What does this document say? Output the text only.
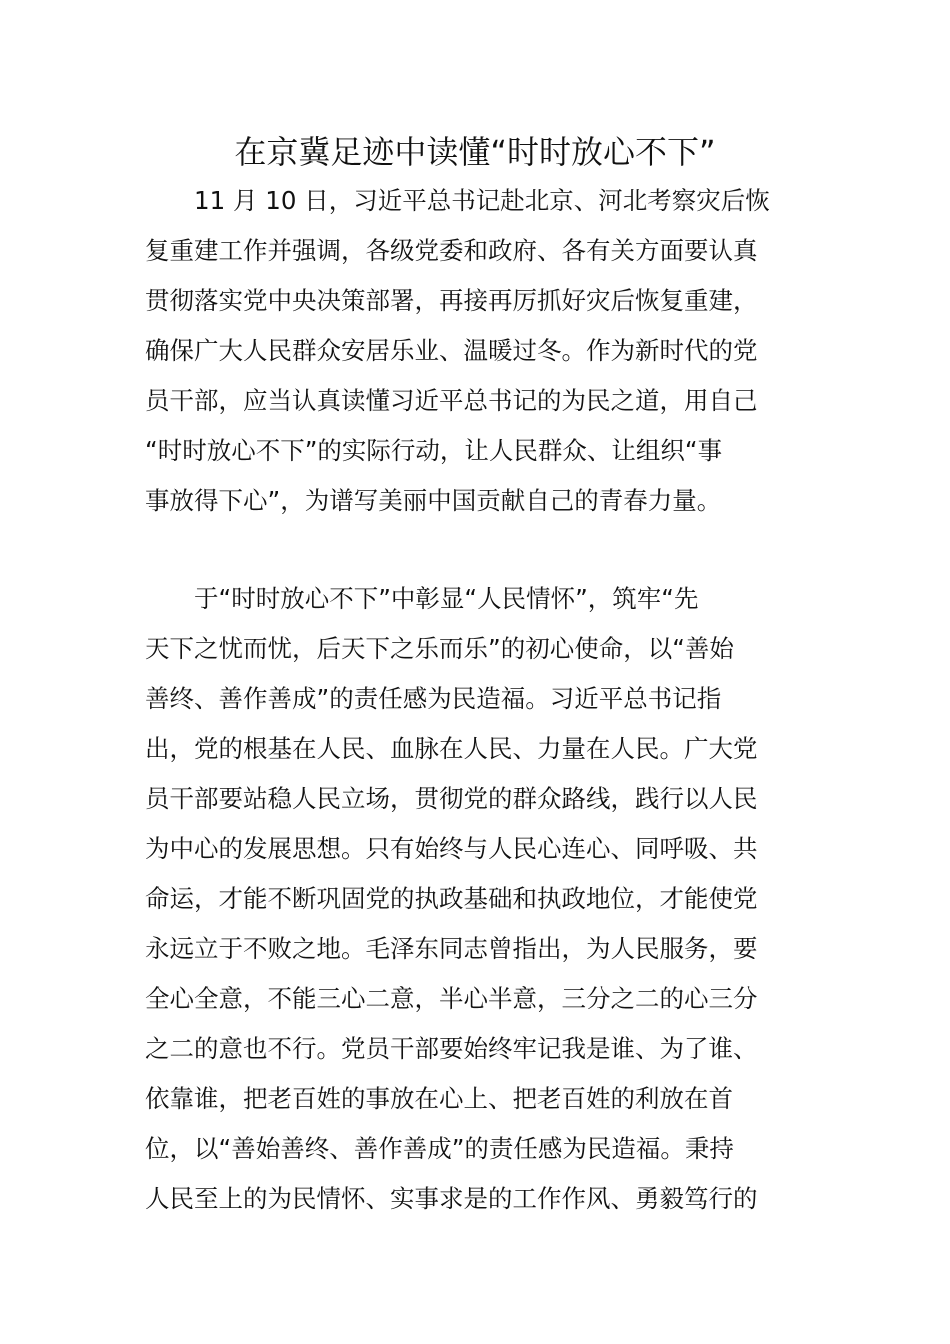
在京冀足迹中读懂“时时放心不下”
11 月 10 日，习近平总书记赴北京、河北考察灾后恢
复重建工作并强调，各级党委和政府、各有关方面要认真
贯彻落实党中央决策部署，再接再厉抓好灾后恢复重建，
确保广大人民群众安居乐业、温暖过冬。作为新时代的党
员干部，应当认真读懂习近平总书记的为民之道，用自己
“时时放心不下”的实际行动，让人民群众、让组织“事
事放得下心”，为谱写美丽中国贡献自己的青春力量。
于“时时放心不下”中彰显“人民情怀”，筑牢“先
天下之忧而忧，后天下之乐而乐”的初心使命，以“善始
善终、善作善成”的责任感为民造福。习近平总书记指
出，党的根基在人民、血脉在人民、力量在人民。广大党
员干部要站稳人民立场，贯彻党的群众路线，践行以人民
为中心的发展思想。只有始终与人民心连心、同呼吸、共
命运，才能不断巩固党的执政基础和执政地位，才能使党
永远立于不败之地。毛泽东同志曾指出，为人民服务，要
全心全意，不能三心二意，半心半意，三分之二的心三分
之二的意也不行。党员干部要始终牢记我是谁、为了谁、
依靠谁，把老百姓的事放在心上、把老百姓的利放在首
位，以“善始善终、善作善成”的责任感为民造福。秉持
人民至上的为民情怀、实事求是的工作作风、勇毅笃行的
